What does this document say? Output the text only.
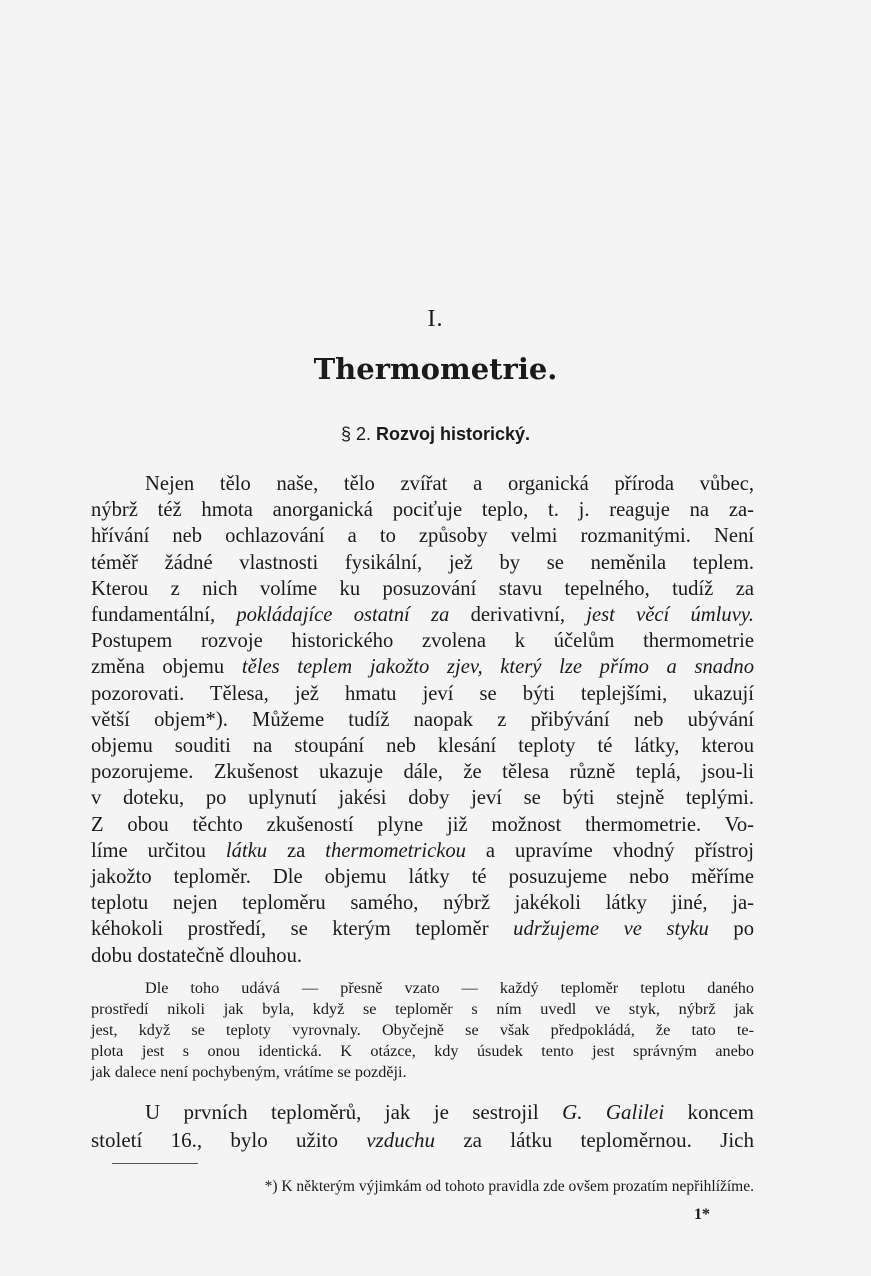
I.
Thermometrie.
§ 2. Rozvoj historický.
Nejen tělo naše, tělo zvířat a organická příroda vůbec,
nýbrž též hmota anorganická pociťuje teplo, t. j. reaguje na za-
hřívání neb ochlazování a to způsoby velmi rozmanitými. Není
téměř žádné vlastnosti fysikální, jež by se neměnila teplem.
Kterou z nich volíme ku posuzování stavu tepelného, tudíž za
fundamentální, pokládajíce ostatní za derivativní, jest věcí úmluvy.
Postupem rozvoje historického zvolena k účelům thermometrie
změna objemu těles teplem jakožto zjev, který lze přímo a snadno
pozorovati. Tělesa, jež hmatu jeví se býti teplejšími, ukazují
větší objem*). Můžeme tudíž naopak z přibývání neb ubývání
objemu souditi na stoupání neb klesání teploty té látky, kterou
pozorujeme. Zkušenost ukazuje dále, že tělesa různě teplá, jsou-li
v doteku, po uplynutí jakési doby jeví se býti stejně teplými.
Z obou těchto zkušeností plyne již možnost thermometrie. Vo-
líme určitou látku za thermometrickou a upravíme vhodný přístroj
jakožto teploměr. Dle objemu látky té posuzujeme nebo měříme
teplotu nejen teploměru samého, nýbrž jakékoli látky jiné, ja-
kéhokoli prostředí, se kterým teploměr udržujeme ve styku po
dobu dostatečně dlouhou.
Dle toho udává — přesně vzato — každý teploměr teplotu daného
prostředí nikoli jak byla, když se teploměr s ním uvedl ve styk, nýbrž jak
jest, když se teploty vyrovnaly. Obyčejně se však předpokládá, že tato te-
plota jest s onou identická. K otázce, kdy úsudek tento jest správným anebo
jak dalece není pochybeným, vrátíme se později.
U prvních teploměrů, jak je sestrojil G. Galilei koncem
století 16., bylo užito vzduchu za látku teploměrnou. Jich
*) K některým výjimkám od tohoto pravidla zde ovšem prozatím nepřihlížíme.
1*
